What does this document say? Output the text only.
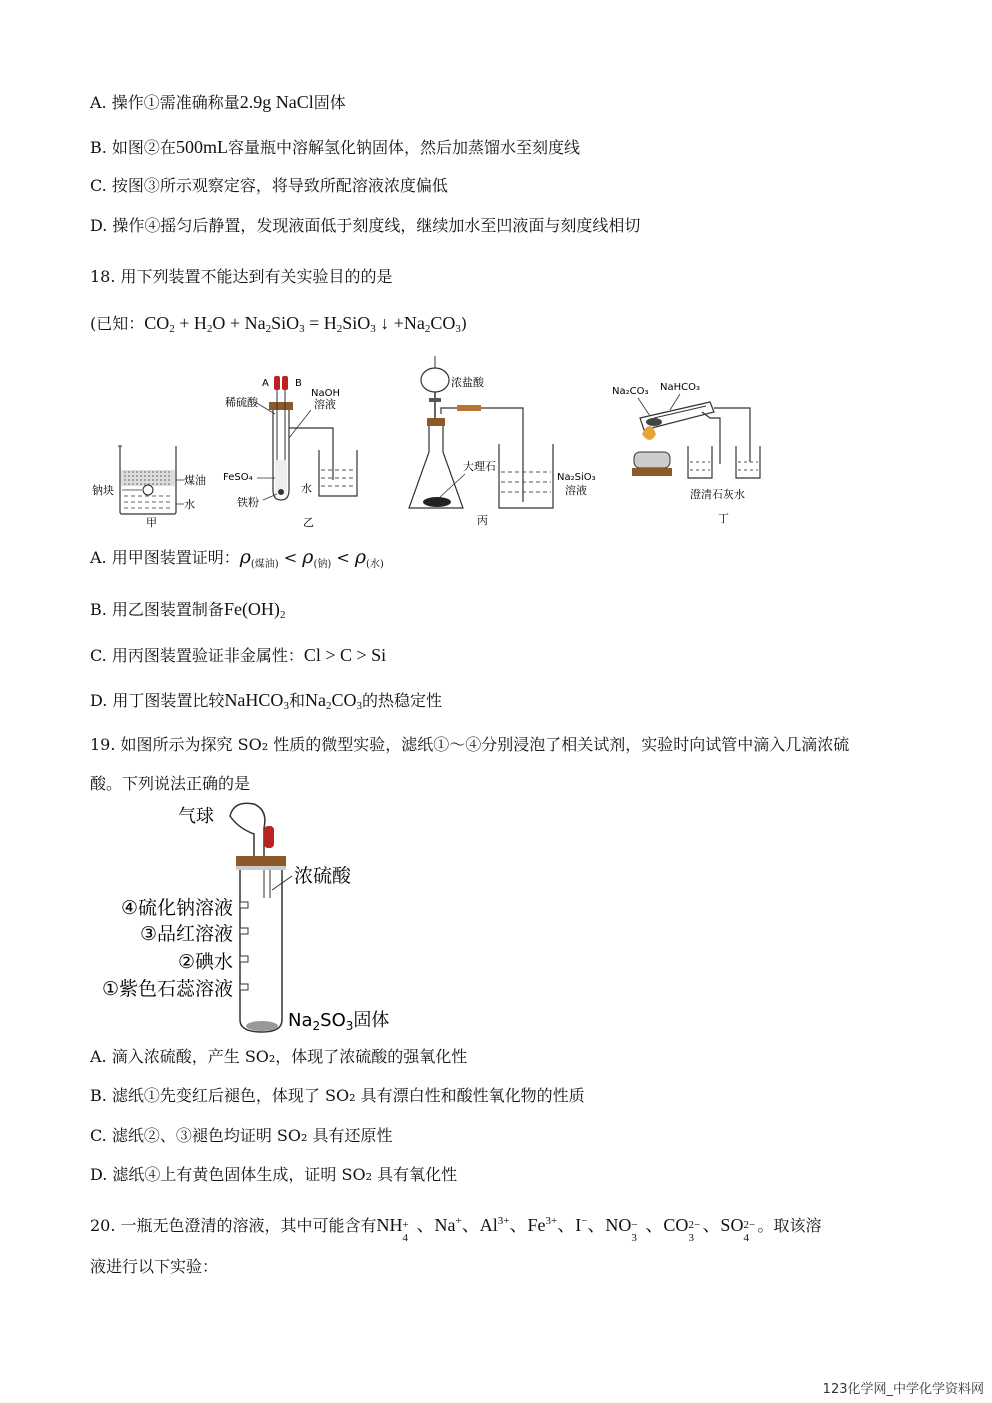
A. 操作①需准确称量2.9g NaCl固体
B. 如图②在500mL容量瓶中溶解氢化钠固体，然后加蒸馏水至刻度线
C. 按图③所示观察定容，将导致所配溶液浓度偏低
D. 操作④摇匀后静置，发现液面低于刻度线，继续加水至凹液面与刻度线相切
18. 用下列装置不能达到有关实验目的的是
(已知：$CO_2 + H_2O + Na_2SiO_3 = H_2SiO_3$ ↓ $+Na_2CO_3$)
钠块
煤油
水
甲
A	B
稀硫酸
NaOH
溶液
FeSO₄
铁粉
水
乙
浓盐酸
大理石
Na₂SiO₃
溶液
丙
Na₂CO₃ NaHCO₃
澄清石灰水
丁
A. 用甲图装置证明：$\rho_{(煤油)} < \rho_{(钠)} < \rho_{(水)}$
B. 用乙图装置制备$Fe(OH)_2$
C. 用丙图装置验证非金属性：Cl > C > Si
D. 用丁图装置比较NaHCO$_3$和$Na_2CO_3$的热稳定性
19. 如图所示为探究 SO₂ 性质的微型实验，滤纸①～④分别浸泡了相关试剂，实验时向试管中滴入几滴浓硫
酸。下列说法正确的是
气球
浓硫酸
④硫化钠溶液
③品红溶液
②碘水
①紫色石蕊溶液
$Na_2SO_3$固体
A. 滴入浓硫酸，产生 SO₂，体现了浓硫酸的强氧化性
B. 滤纸①先变红后褪色，体现了 SO₂ 具有漂白性和酸性氧化物的性质
C. 滤纸②、③褪色均证明 SO₂ 具有还原性
D. 滤纸④上有黄色固体生成，证明 SO₂ 具有氧化性
20. 一瓶无色澄清的溶液，其中可能含有NH +
4
、Na+、$Al^{3+}$、$Fe^{3+}$、I−、NO −
3
、CO 2−
3
、SO 2−
4
。取该溶
液进行以下实验：
123化学网_中学化学资料网
